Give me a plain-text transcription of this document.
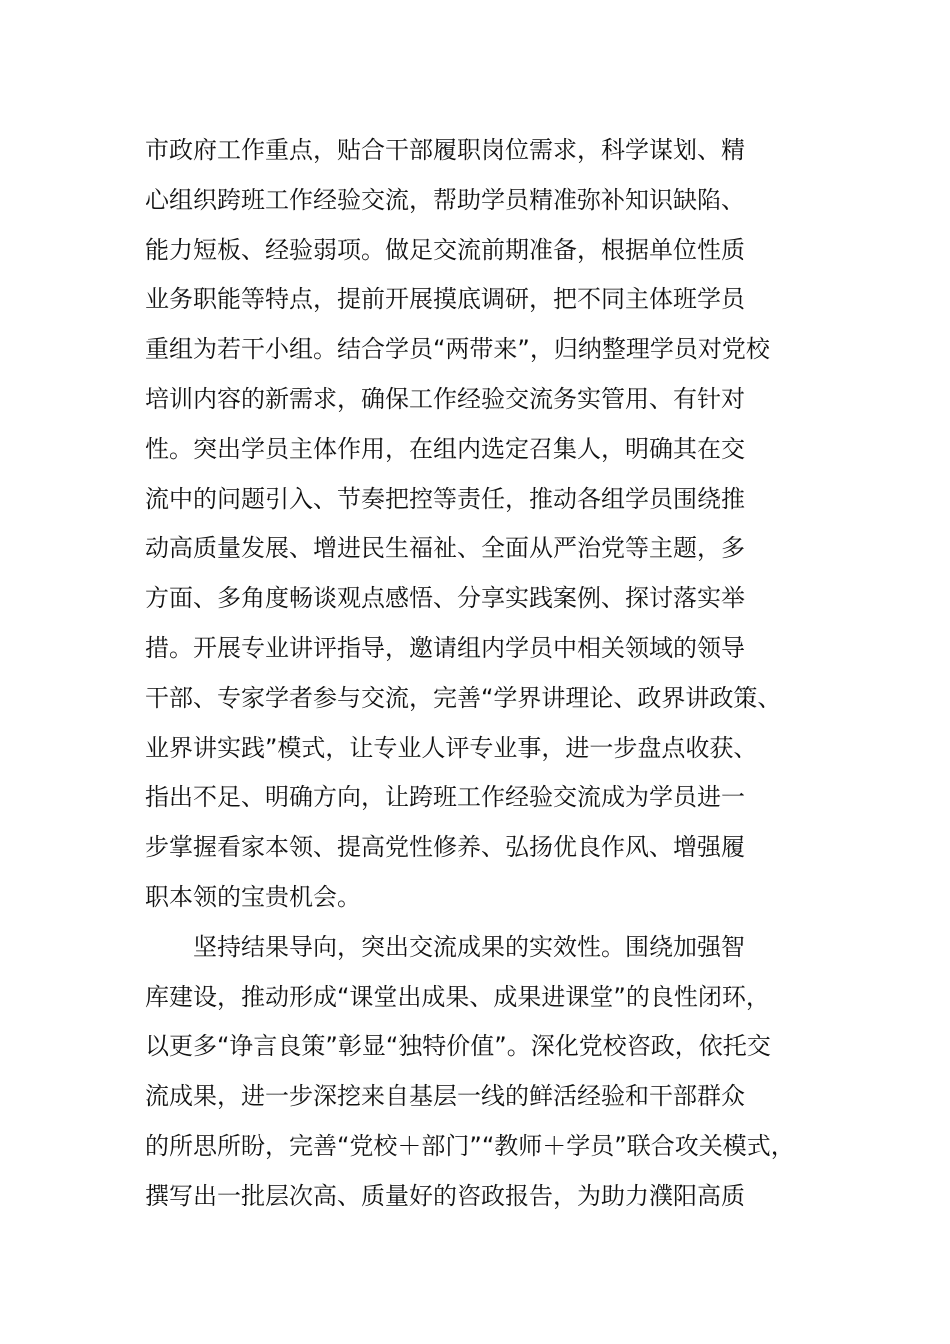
市政府工作重点，贴合干部履职岗位需求，科学谋划、精
心组织跨班工作经验交流，帮助学员精准弥补知识缺陷、
能力短板、经验弱项。做足交流前期准备，根据单位性质
业务职能等特点，提前开展摸底调研，把不同主体班学员
重组为若干小组。结合学员“两带来”，归纳整理学员对党校
培训内容的新需求，确保工作经验交流务实管用、有针对
性。突出学员主体作用，在组内选定召集人，明确其在交
流中的问题引入、节奏把控等责任，推动各组学员围绕推
动高质量发展、增进民生福祉、全面从严治党等主题，多
方面、多角度畅谈观点感悟、分享实践案例、探讨落实举
措。开展专业讲评指导，邀请组内学员中相关领域的领导
干部、专家学者参与交流，完善“学界讲理论、政界讲政策、
业界讲实践”模式，让专业人评专业事，进一步盘点收获、
指出不足、明确方向，让跨班工作经验交流成为学员进一
步掌握看家本领、提高党性修养、弘扬优良作风、增强履
职本领的宝贵机会。
坚持结果导向，突出交流成果的实效性。围绕加强智
库建设，推动形成“课堂出成果、成果进课堂”的良性闭环，
以更多“诤言良策”彰显“独特价值”。深化党校咨政，依托交
流成果，进一步深挖来自基层一线的鲜活经验和干部群众
的所思所盼，完善“党校＋部门”“教师＋学员”联合攻关模式，
撰写出一批层次高、质量好的咨政报告，为助力濮阳高质
